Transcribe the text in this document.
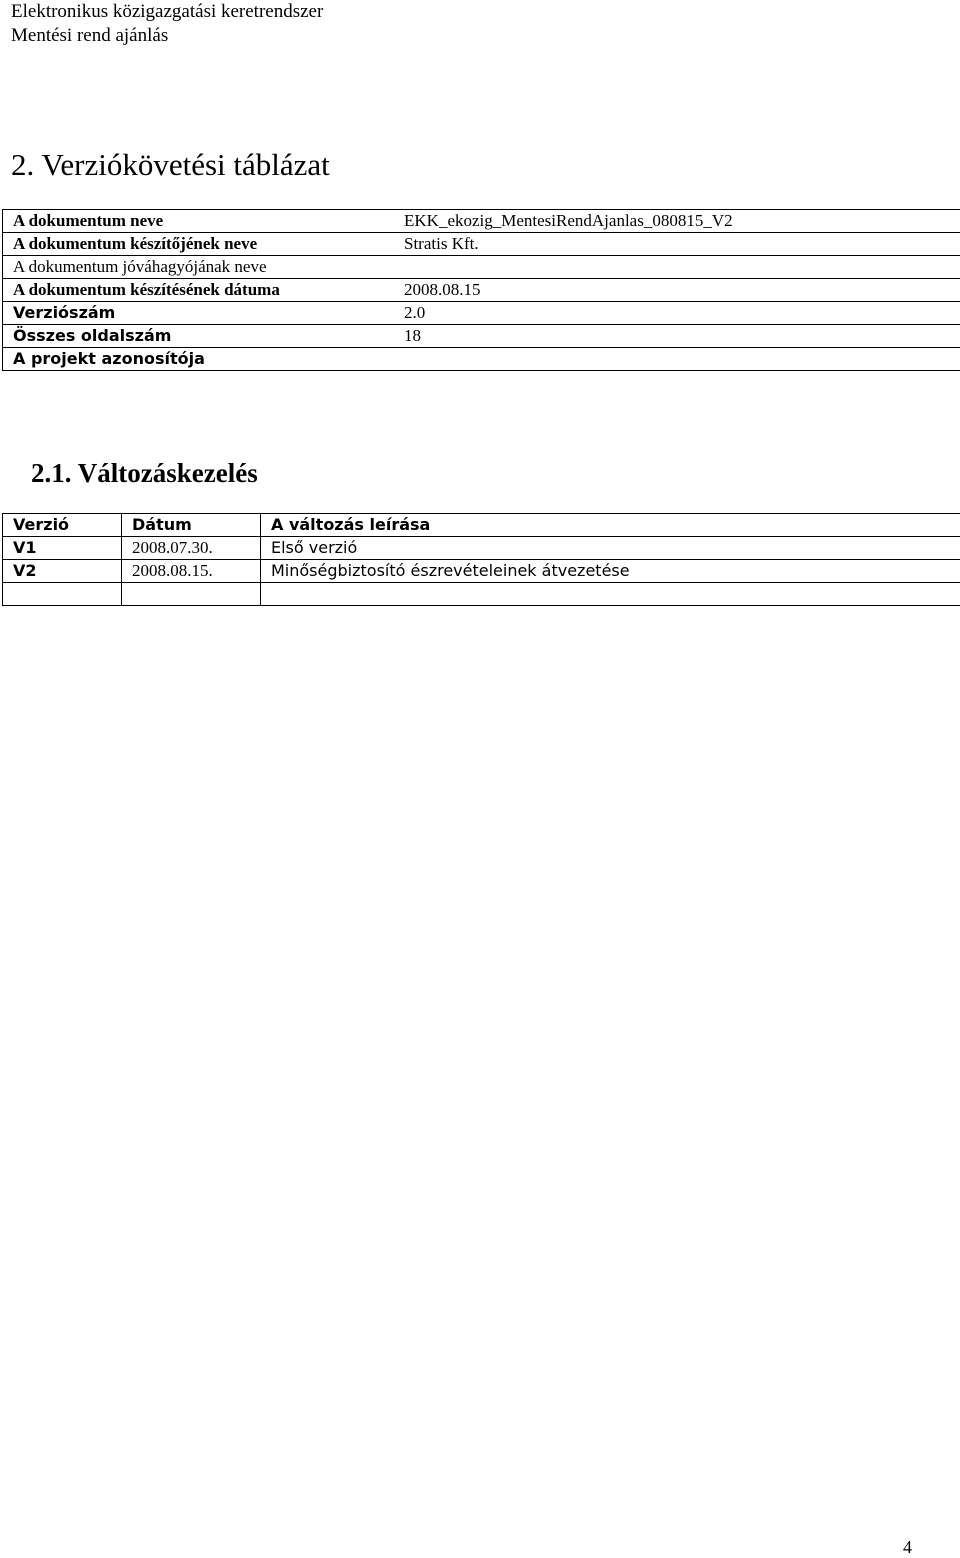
Elektronikus közigazgatási keretrendszer
Mentési rend ajánlás
2. Verziókövetési táblázat
A dokumentum neve	EKK_ekozig_MentesiRendAjanlas_080815_V2
A dokumentum készítőjének neve	Stratis Kft.
A dokumentum jóváhagyójának neve	
A dokumentum készítésének dátuma	2008.08.15
Verziószám	2.0
Összes oldalszám	18
A projekt azonosítója	
2.1. Változáskezelés
Verzió	Dátum	A változás leírása
V1	2008.07.30.	Első verzió
V2	2008.08.15.	Minőségbiztosító észrevételeinek átvezetése

4
